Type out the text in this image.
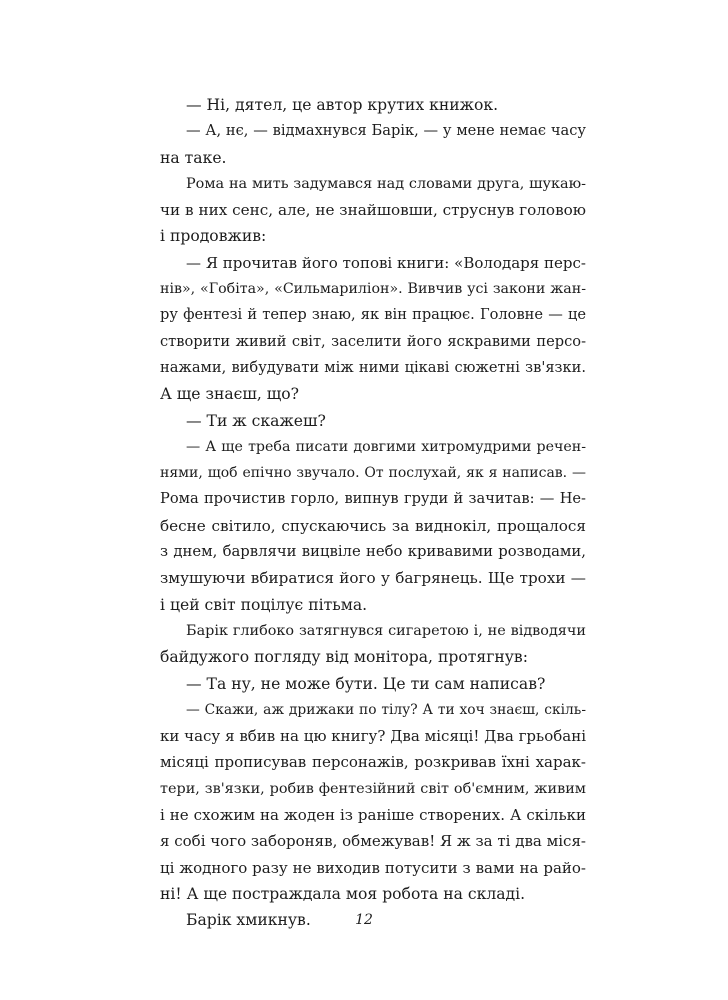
— Ні, дятел, це автор крутих книжок.
— А, нє, — відмахнувся Барік, — у мене немає часу
на таке.
Рома на мить задумався над словами друга, шукаю-
чи в них сенс, але, не знайшовши, струснув головою
і продовжив:
— Я прочитав його топові книги: «Володаря перс-
нів», «Гобіта», «Сильмариліон». Вивчив усі закони жан-
ру фентезі й тепер знаю, як він працює. Головне — це
створити живий світ, заселити його яскравими персо-
нажами, вибудувати між ними цікаві сюжетні зв'язки.
А ще знаєш, що?
— Ти ж скажеш?
— А ще треба писати довгими хитромудрими речен-
нями, щоб епічно звучало. От послухай, як я написав. —
Рома прочистив горло, випнув груди й зачитав: — Не-
бесне світило, спускаючись за виднокіл, прощалося
з днем, барвлячи вицвіле небо кривавими розводами,
змушуючи вбиратися його у багрянець. Ще трохи —
і цей світ поцілує пітьма.
Барік глибоко затягнувся сигаретою і, не відводячи
байдужого погляду від монітора, протягнув:
— Та ну, не може бути. Це ти сам написав?
— Скажи, аж дрижаки по тілу? А ти хоч знаєш, скіль-
ки часу я вбив на цю книгу? Два місяці! Два грьобані
місяці прописував персонажів, розкривав їхні харак-
тери, зв'язки, робив фентезійний світ об'ємним, живим
і не схожим на жоден із раніше створених. А скільки
я собі чого забороняв, обмежував! Я ж за ті два міся-
ці жодного разу не виходив потусити з вами на райо-
ні! А ще постраждала моя робота на складі.
Барік хмикнув.	12
